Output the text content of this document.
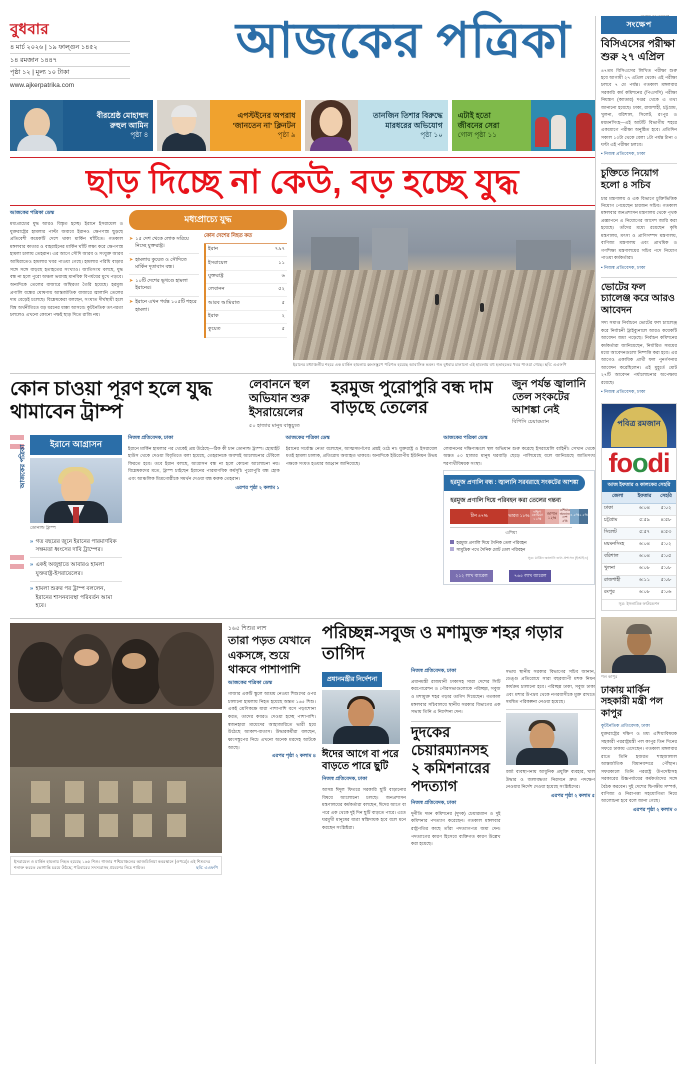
বুধবার
৪ মার্চ ২০২৬ | ১৯ ফাল্গুন ১৪৫২
১৪ রমজান ১৪৪৭
পৃষ্ঠা ১২ | মূল্য ১০ টাকা
www.ajkerpatrika.com
আজকের পত্রিকা
বীরশ্রেষ্ঠ মোহাম্মদ
রুহুল আমিন
পৃষ্ঠা ৪
এপস্টইনের অপরাধ
'জানতেন না' ক্লিনটন
পৃষ্ঠা ৯
তানজিন তিশার বিরুদ্ধে
মারধরের অভিযোগ
পৃষ্ঠা ১০
এটাই হতো
জীবনের সেরা
গোল পৃষ্ঠা ১১
ছাড় দিচ্ছে না কেউ, বড় হচ্ছে যুদ্ধ
আজকের পত্রিকা ডেস্ক
মধ্যপ্রাচ্যের যুদ্ধ আরও বিস্তৃত হচ্ছে। ইরানে ইসরায়েল ও যুক্তরাষ্ট্রের হামলার পাল্টা জবাবে ইরানও ক্ষেপণাস্ত্র ছুড়ছে প্রতিবেশী কয়েকটি দেশে থাকা মার্কিন ঘাঁটিতে। গতকাল মঙ্গলবার কাতার ও বাহরাইনের মার্কিন ঘাঁটি লক্ষ্য করে ক্ষেপণাস্ত্র হামলা চালায় তেহরান। এর আগে সৌদি আরব ও সংযুক্ত আরব আমিরাতেও হামলার খবর পাওয়া গেছে। হামলার পরিধি বাড়ার সঙ্গে সঙ্গে বাড়ছে হতাহতের সংখ্যাও। জাতিসংঘ বলছে, যুদ্ধ বন্ধ না হলে পুরো অঞ্চল ভয়াবহ মানবিক বিপর্যয়ের মুখে পড়বে। অন্যদিকে তেলের বাজারে অস্থিরতা তৈরি হয়েছে। হরমুজ প্রণালি বন্ধের ঘোষণায় আন্তর্জাতিক বাজারে জ্বালানি তেলের দাম বেড়েই চলেছে। বিশ্লেষকেরা বলছেন, সংঘাত দীর্ঘস্থায়ী হলে বিশ্ব অর্থনীতিতে বড় ধরনের ধাক্কা আসবে। কূটনৈতিক তৎপরতা চললেও এখনো কোনো পক্ষই ছাড় দিতে রাজি নয়।
মধ্যপ্রাচ্যে যুদ্ধ
➤ ১৫ দেশ থেকে লোক সরিয়ে নিচ্ছে যুক্তরাষ্ট্র।
➤ হামলায় কুয়েত ও সৌদিতে মার্কিন দূতাবাস বন্ধ।
➤ ১০টি দেশের ভূখণ্ডে হামলা ইরানের।
➤ ইরানে এখন পর্যন্ত ১০৫টি শহরে হামলা।
কোন দেশের নিহত কত
ইরান	৭৯৭
ইসরায়েল	১১
যুক্তরাষ্ট্র	৬
লেবানন	৫২
আরব আমিরাত	৫
ইরাক	২
কুয়েত	৫
ইরানের মধ্যাঞ্চলীয় শহরে এক মার্কিন হামলায় ধ্বংসস্তূপে পরিণত হয়েছে আবাসিক ভবন। গত বুধবার চালানো এই হামলায় বহু হতাহতের খবর পাওয়া গেছে। ছবি: এএফপি
কোন চাওয়া পূরণ হলে যুদ্ধ থামাবেন ট্রাম্প
লেবাননে স্থল অভিযান শুরু ইসরায়েলের
৫০ হাজার মানুষ বাস্তুচ্যুত
হরমুজ পুরোপুরি বন্ধ দাম বাড়ছে তেলের
জুন পর্যন্ত জ্বালানি তেল সংকটের আশঙ্কা নেই
বিপিসি চেয়ারম্যান
আজকের পত্রিকা
ইরানে আগ্রাসন
ডোনাল্ড ট্রাম্প
» গত বছরের জুনে ইরানের পারমাণবিক সক্ষমতা ধ্বংসের দাবি ট্রাম্পের।
» একই অজুহাতে আবারও হামলা যুক্তরাষ্ট্র-ইসরায়েলের।
» হামলা শুরুর পর ট্রাম্প বললেন, ইরানের শাসনব্যবস্থা পরিবর্তন আমা হবে।
নিজস্ব প্রতিবেদক, ঢাকা
ইরানে মার্কিন হামলার পর থেকেই প্রশ্ন উঠেছে—ঠিক কী চান ডোনাল্ড ট্রাম্প। হোয়াইট হাউস থেকে দেওয়া বিবৃতিতে বলা হয়েছে, তেহরানকে অবশ্যই আলোচনার টেবিলে ফিরতে হবে। তবে ইরান বলছে, আগ্রাসন বন্ধ না হলে কোনো আলোচনা নয়। বিশ্লেষকদের মতে, ট্রাম্প চাইছেন ইরানের পারমাণবিক কর্মসূচি পুরোপুরি বন্ধ হোক এবং আঞ্চলিক মিত্রগোষ্ঠীকে সমর্থন দেওয়া বন্ধ করুক তেহরান।
এরপর পৃষ্ঠা ২ কলাম ১
আজকের পত্রিকা ডেস্ক
ইরানের সর্বোচ্চ নেতা বলেছেন, আত্মসমর্পণের প্রশ্নই ওঠে না। যুক্তরাষ্ট্র ও ইসরায়েল যতই হামলা চালাক, প্রতিরোধ অব্যাহত থাকবে। অন্যদিকে ইউরোপীয় ইউনিয়ন উভয় পক্ষকে সংযত হওয়ার আহ্বান জানিয়েছে।
আজকের পত্রিকা ডেস্ক
লেবাননের দক্ষিণাঞ্চলে স্থল অভিযান শুরু করেছে ইসরায়েলি বাহিনী। সেখান থেকে অন্তত ৫০ হাজার মানুষ ঘরবাড়ি ছেড়ে পালিয়েছে বলে জানিয়েছে জাতিসংঘ শরণার্থীবিষয়ক সংস্থা।
হরমুজ প্রণালি বন্ধ : জ্বালানি সরবরাহে সংকটের আশঙ্কা
হরমুজ প্রণালি দিয়ে পরিবহন করা তেলের গন্তব্য
চীন ৪৭%	ভারত ১৮%
দক্ষিণ কোরিয়া ১২%
জাপান ১২%
এশিয়ার অন্যান্য দেশ ৫%
৪.৫% ২.৫%
এশিয়া
হরমুজ প্রণালি দিয়ে দৈনিক তেল পরিবহন
সামুদ্রিক পথে দৈনিক মোট তেল পরিবহন
সূত্র: মার্কিন জ্বালানি তথ্য প্রশাসন (ইআইএ)
২১২ লাখ ব্যারেল	৭৬৫ লাখ ব্যারেল
ইসরায়েল ও মার্কিন হামলায় নিহত হয়েছে ১৬৫ শিশু। গাজার পশ্চিমাঞ্চলের আজমিলিয়া কবরস্থানে (ওপরে)। এই শিশুদের শনাক্ত করতে ভোগান্তি চরমে উঠছে; পরিবারের সদস্যরাসহ প্রবেশের নিচে শায়িত।	ছবি: এএফপি
১৬৫ শিশুর লাশ
তারা পড়ত যেখানে একসঙ্গে, শুয়ে থাকবে পাশাপাশি
আজকের পত্রিকা ডেস্ক
গাজার একটি স্কুলে আশ্রয় নেওয়া শিশুদের ওপর চালানো হামলায় নিহত হয়েছে অন্তত ১৬৫ শিশু। একই শ্রেণিকক্ষে যারা পাশাপাশি বসে পড়াশোনা করত, তাদের কবরও দেওয়া হচ্ছে পাশাপাশি। স্বজনহারা মায়েদের আহাজারিতে ভারী হয়ে উঠেছে আকাশ-বাতাস। উদ্ধারকর্মীরা বলছেন, ধ্বংসস্তূপের নিচে এখনো অনেক মরদেহ আটকে আছে।
এরপর পৃষ্ঠা ২ কলাম ৪
পরিচ্ছন্ন-সবুজ ও মশামুক্ত শহর গড়ার তাগিদ
প্রধানমন্ত্রীর নির্দেশনা
ঈদের আগে বা পরে বাড়তে পারে ছুটি
নিজস্ব প্রতিবেদক, ঢাকা
আসন্ন ঈদুল ফিতরে সরকারি ছুটি বাড়ানোর বিষয়ে আলোচনা চলছে। জনপ্রশাসন মন্ত্রণালয়ের কর্মকর্তারা বলছেন, ঈদের আগে বা পরে এক থেকে দুই দিন ছুটি বাড়তে পারে। এতে ঘরমুখী মানুষের যাত্রা স্বস্তিদায়ক হবে বলে মনে করছেন সংশ্লিষ্টরা।
নিজস্ব প্রতিবেদক, ঢাকা
প্রধানমন্ত্রী রাজধানী ঢাকাসহ সারা দেশের সিটি করপোরেশন ও পৌরসভাগুলোকে পরিচ্ছন্ন, সবুজ ও মশামুক্ত শহর গড়ার তাগিদ দিয়েছেন। গতকাল মঙ্গলবার সচিবালয়ে স্থানীয় সরকার বিভাগের এক সভায় তিনি এ নির্দেশনা দেন।
দুদকের চেয়ারম্যানসহ ২ কমিশনারের পদত্যাগ
নিজস্ব প্রতিবেদক, ঢাকা
দুর্নীতি দমন কমিশনের (দুদক) চেয়ারম্যান ও দুই কমিশনার পদত্যাগ করেছেন। গতকাল মঙ্গলবার রাষ্ট্রপতির কাছে তাঁরা পদত্যাগপত্র জমা দেন। পদত্যাগের কারণ হিসেবে ব্যক্তিগত কারণ উল্লেখ করা হয়েছে।
সভায় স্থানীয় সরকার বিভাগের সচিব জানান, ডেঙ্গু প্রতিরোধে সারা বছরব্যাপী মশক নিধন কার্যক্রম চালানো হবে। পরিচ্ছন্ন ঢাকা, সবুজ ঢাকা এবং মশার উপদ্রব থেকে নগরবাসীকে মুক্ত রাখতে সমন্বিত পরিকল্পনা নেওয়া হয়েছে।
বর্জ্য ব্যবস্থাপনায় আধুনিক প্রযুক্তি ব্যবহার, খাল উদ্ধার ও জলাবদ্ধতা নিরসনে দ্রুত পদক্ষেপ নেওয়ার নির্দেশ দেওয়া হয়েছে সংশ্লিষ্টদের।
এরপর পৃষ্ঠা ২ কলাম ৫
সংক্ষেপ
বিসিএসের পরীক্ষা শুরু ২৭ এপ্রিল
৪৭তম বিসিএসের লিখিত পরীক্ষা শুরু হবে আগামী ২৭ এপ্রিল থেকে। এই পরীক্ষা চলবে ৭ মে পর্যন্ত। গতকাল মঙ্গলবার সরকারি কর্ম কমিশনের (পিএসসি) পরীক্ষা নিয়ন্ত্রণ (ক্যাডার) দপ্তর থেকে এ তথ্য জানানো হয়েছে। ঢাকা, রাজশাহী, চট্টগ্রাম, খুলনা, বরিশাল, সিলেট, রংপুর ও ময়মনসিংহ—এই আটটি বিভাগীয় শহরে একযোগে পরীক্ষা অনুষ্ঠিত হবে। প্রতিদিন সকাল ১০টা থেকে বেলা ১টা পর্যন্ত টানা ৩ ঘণ্টা এই পরীক্ষা চলবে।
• নিজস্ব প্রতিবেদক, ঢাকা
চুক্তিতে নিয়োগ হলো ৪ সচিব
চার মন্ত্রণালয় ও এক বিভাগে চুক্তিভিত্তিক নিয়োগ পেয়েছেন চারজন সচিব। গতকাল মঙ্গলবার জনপ্রশাসন মন্ত্রণালয় থেকে পৃথক প্রজ্ঞাপনে এ নিয়োগের আদেশ জারি করা হয়েছে। তাঁদের মধ্যে রয়েছেন কৃষি মন্ত্রণালয়, মৎস্য ও প্রাণিসম্পদ মন্ত্রণালয়, বাণিজ্য মন্ত্রণালয় এবং প্রাথমিক ও গণশিক্ষা মন্ত্রণালয়ের সচিব পদে নিয়োগ পাওয়া কর্মকর্তারা।
• নিজস্ব প্রতিবেদক, ঢাকা
ভোটের ফল চ্যালেঞ্জ করে আরও আবেদন
সদ্য সমাপ্ত নির্বাচনে ভোটের ফল চ্যালেঞ্জ করে নির্বাচনী ট্রাইব্যুনালে আরও কয়েকটি আবেদন জমা পড়েছে। নির্বাচন কমিশনের কর্মকর্তারা জানিয়েছেন, নির্ধারিত সময়ের মধ্যে আবেদনগুলো নিষ্পত্তি করা হবে। এর আগেও একাধিক প্রার্থী ফল পুনর্গণনার আবেদন করেছিলেন। এই মুহূর্তে মোট ২৭টি আবেদন পর্যালোচনার অপেক্ষায় রয়েছে।
• নিজস্ব প্রতিবেদক, ঢাকা
পবিত্র রমজান
foodi
আজ ইফতার ও কালকের সেহরি
জেলা	ইফতার	সেহরি
ঢাকা	৬:০৪	৫:০২
চট্টগ্রাম	৫:৫৯	৪:৫৮
সিলেট	৫:৫৭	৪:৫৩
ময়মনসিংহ	৬:০৪	৫:০২
বরিশাল	৬:০৪	৫:০৫
খুলনা	৬:০৮	৫:০৮
রাজশাহী	৬:১১	৫:০৮
রংপুর	৬:০৮	৫:০৬
সূত্র: ইসলামিক ফাউন্ডেশন
পল কাপুর
ঢাকায় মার্কিন সহকারী মন্ত্রী পল কাপুর
কূটনৈতিক প্রতিবেদক, ঢাকা
যুক্তরাষ্ট্রের দক্ষিণ ও মধ্য এশিয়াবিষয়ক সহকারী পররাষ্ট্রমন্ত্রী পল কাপুর তিন দিনের সফরে ঢাকায় এসেছেন। গতকাল মঙ্গলবার রাতে তিনি হজরত শাহজালাল আন্তর্জাতিক বিমানবন্দরে পৌঁছান। সফরকালে তিনি পররাষ্ট্র উপদেষ্টাসহ সরকারের উচ্চপর্যায়ের কর্মকর্তাদের সঙ্গে বৈঠক করবেন। দুই দেশের দ্বিপক্ষীয় সম্পর্ক, বাণিজ্য ও নিরাপত্তা সহযোগিতা নিয়ে আলোচনা হবে বলে জানা গেছে।
এরপর পৃষ্ঠা ২ কলাম ৩
